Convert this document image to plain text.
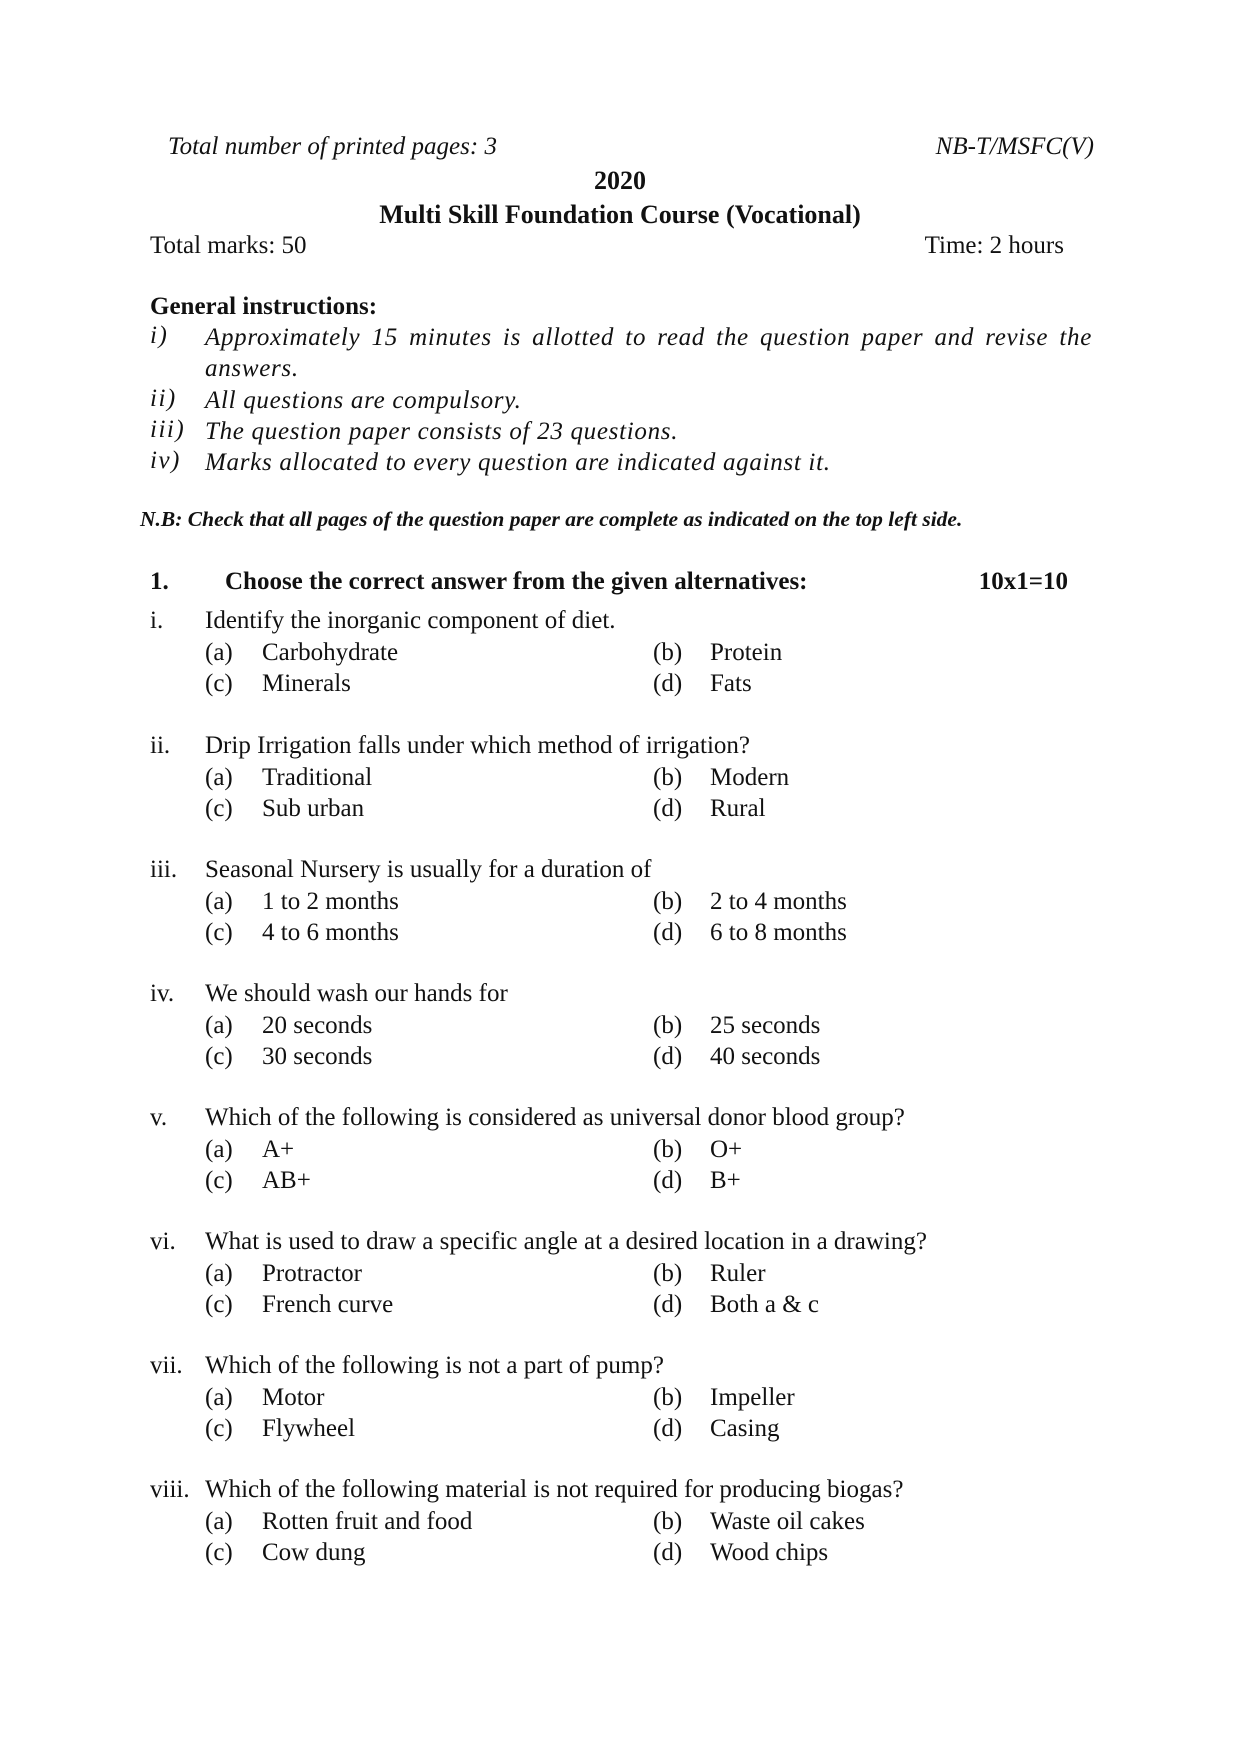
Total number of printed pages: 3	NB-T/MSFC(V)
2020
Multi Skill Foundation Course (Vocational)
Total marks: 50	Time: 2 hours
General instructions:
i) Approximately 15 minutes is allotted to read the question paper and revise the answers.
ii) All questions are compulsory.
iii) The question paper consists of 23 questions.
iv) Marks allocated to every question are indicated against it.
N.B: Check that all pages of the question paper are complete as indicated on the top left side.
1. Choose the correct answer from the given alternatives:	10x1=10
i. Identify the inorganic component of diet.
(a) Carbohydrate	(b) Protein
(c) Minerals	(d) Fats
ii. Drip Irrigation falls under which method of irrigation?
(a) Traditional	(b) Modern
(c) Sub urban	(d) Rural
iii. Seasonal Nursery is usually for a duration of
(a) 1 to 2 months	(b) 2 to 4 months
(c) 4 to 6 months	(d) 6 to 8 months
iv. We should wash our hands for
(a) 20 seconds	(b) 25 seconds
(c) 30 seconds	(d) 40 seconds
v. Which of the following is considered as universal donor blood group?
(a) A+	(b) O+
(c) AB+	(d) B+
vi. What is used to draw a specific angle at a desired location in a drawing?
(a) Protractor	(b) Ruler
(c) French curve	(d) Both a & c
vii. Which of the following is not a part of pump?
(a) Motor	(b) Impeller
(c) Flywheel	(d) Casing
viii. Which of the following material is not required for producing biogas?
(a) Rotten fruit and food	(b) Waste oil cakes
(c) Cow dung	(d) Wood chips
